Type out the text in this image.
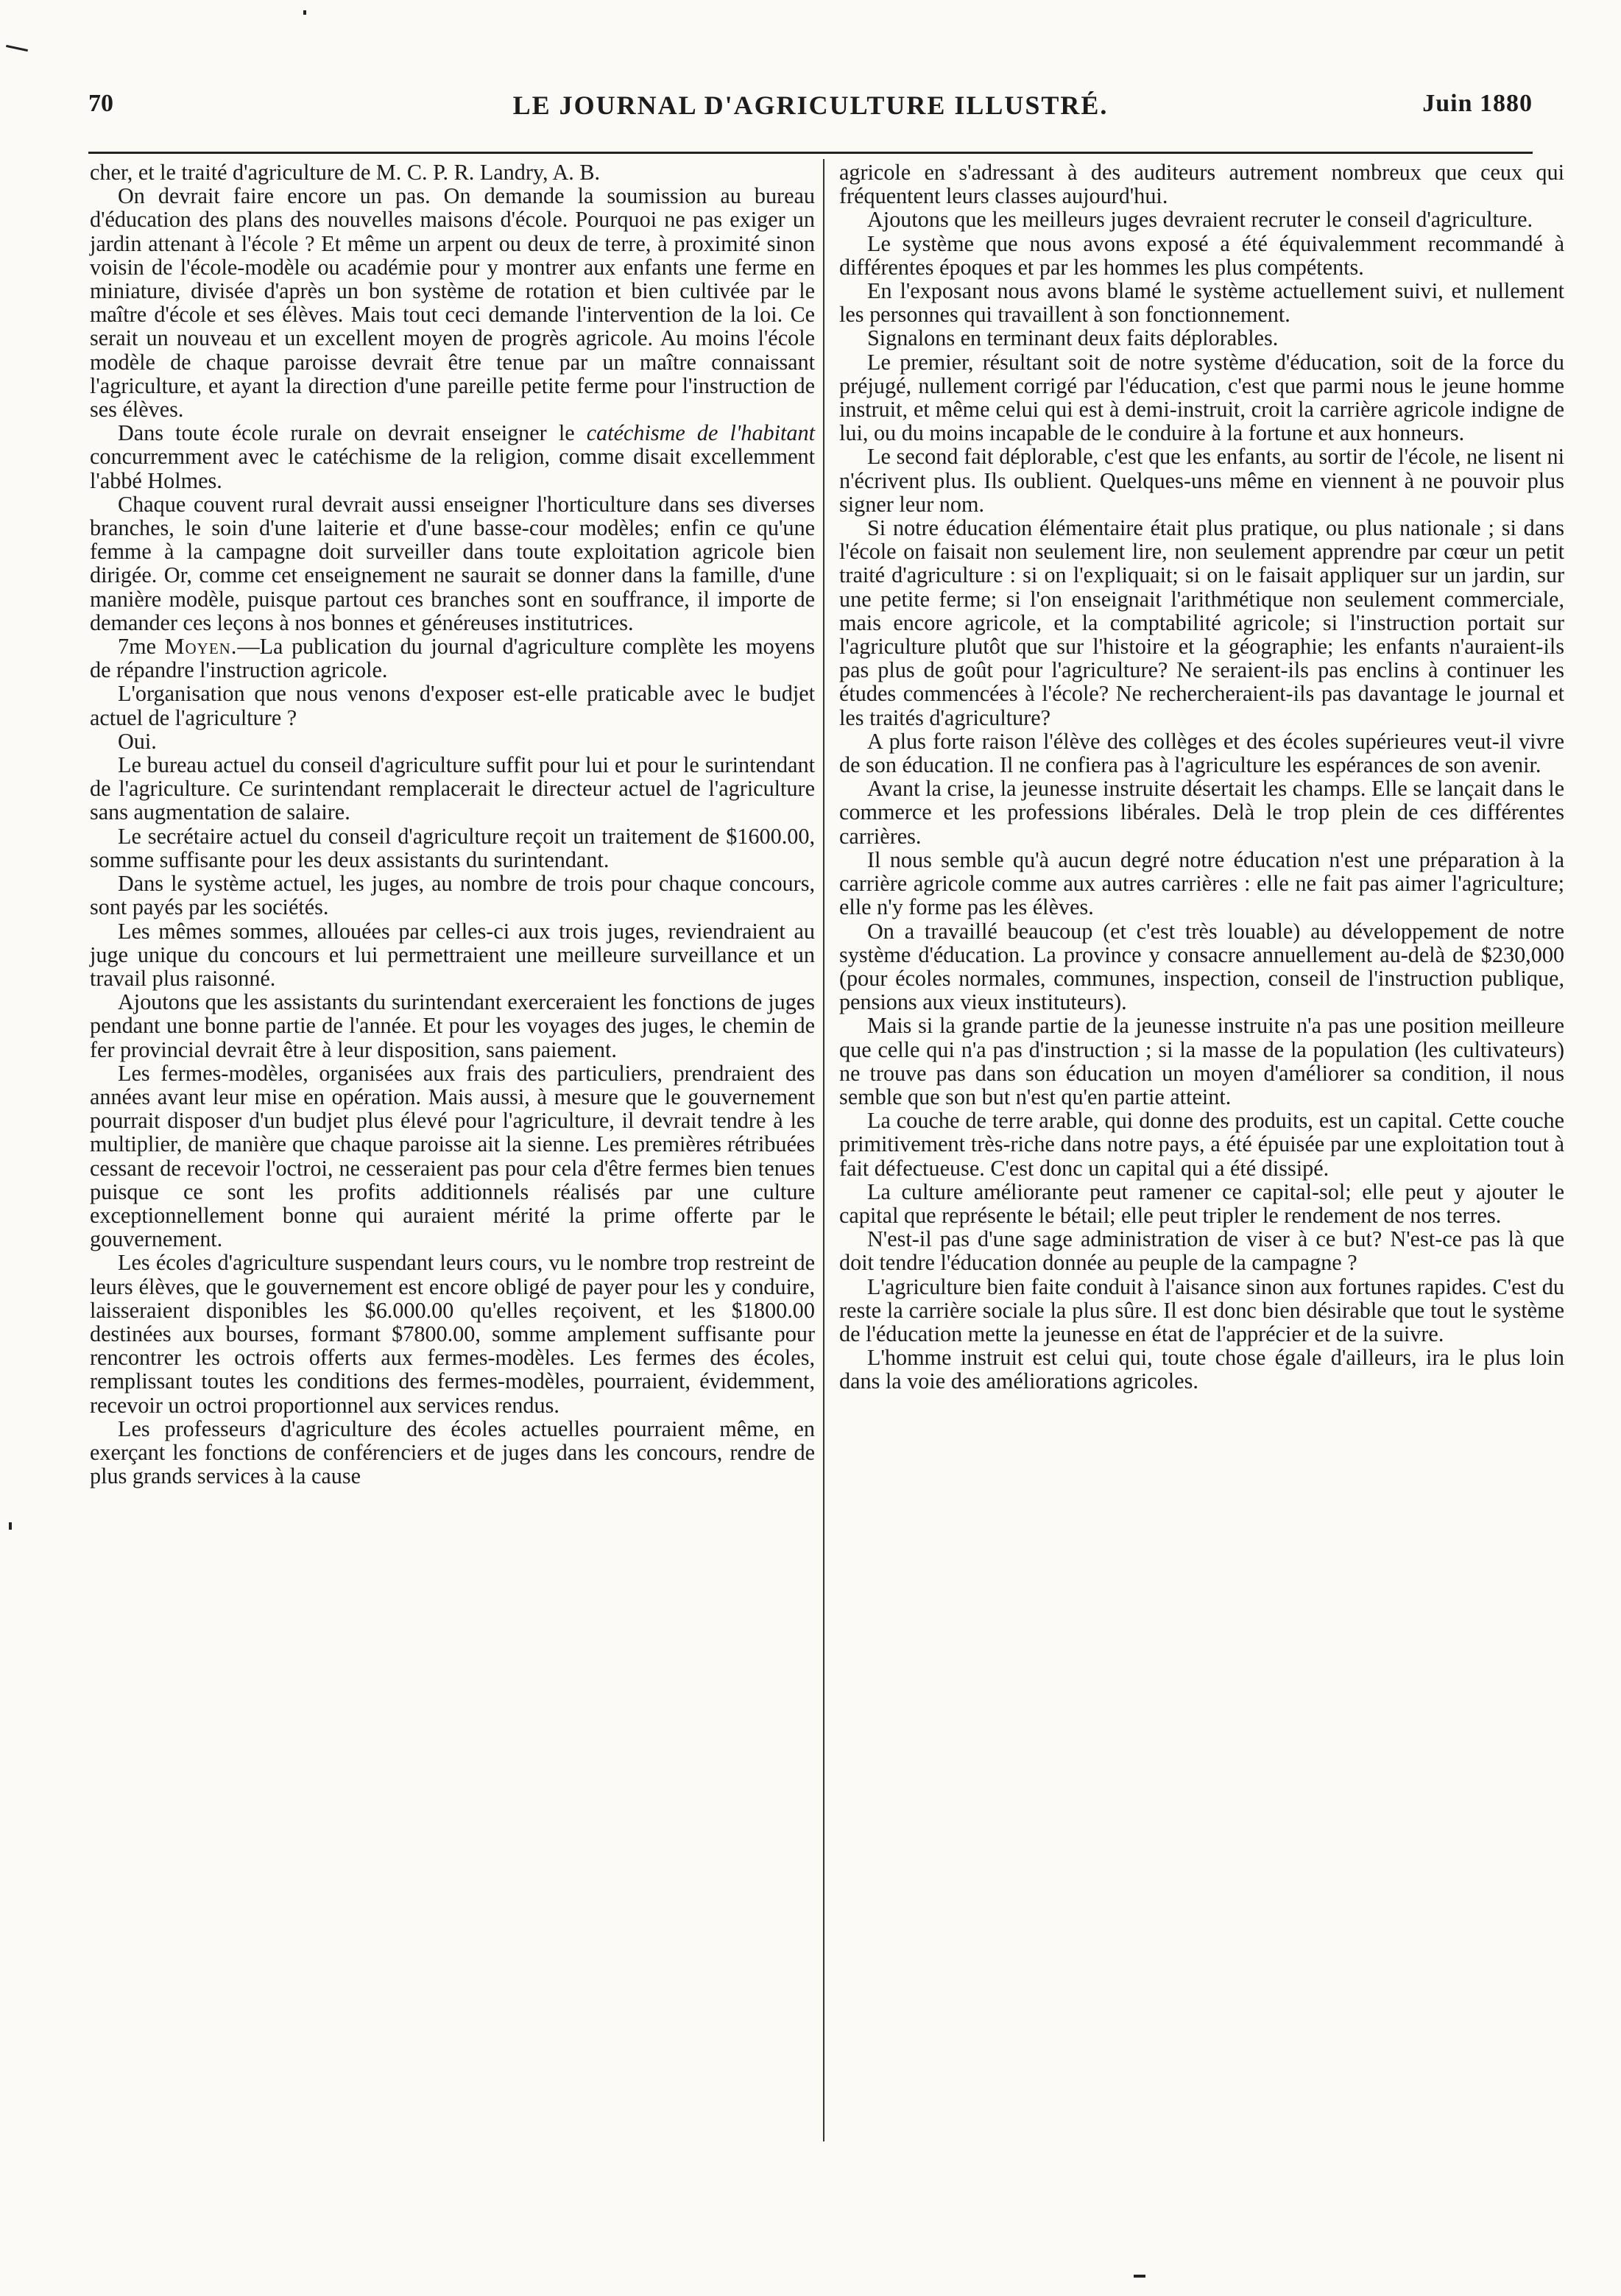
70	LE JOURNAL D'AGRICULTURE ILLUSTRÉ.	Juin 1880

cher, et le traité d'agriculture de M. C. P. R. Landry, A. B.

On devrait faire encore un pas. On demande la soumission au bureau d'éducation des plans des nouvelles maisons d'école. Pourquoi ne pas exiger un jardin attenant à l'école ? Et même un arpent ou deux de terre, à proximité sinon voisin de l'école-modèle ou académie pour y montrer aux enfants une ferme en miniature, divisée d'après un bon système de rotation et bien cultivée par le maître d'école et ses élèves. Mais tout ceci demande l'intervention de la loi. Ce serait un nouveau et un excellent moyen de progrès agricole. Au moins l'école modèle de chaque paroisse devrait être tenue par un maître connaissant l'agriculture, et ayant la direction d'une pareille petite ferme pour l'instruction de ses élèves.

Dans toute école rurale on devrait enseigner le catéchisme de l'habitant concurremment avec le catéchisme de la religion, comme disait excellemment l'abbé Holmes.

Chaque couvent rural devrait aussi enseigner l'horticulture dans ses diverses branches, le soin d'une laiterie et d'une basse-cour modèles; enfin ce qu'une femme à la campagne doit surveiller dans toute exploitation agricole bien dirigée. Or, comme cet enseignement ne saurait se donner dans la famille, d'une manière modèle, puisque partout ces branches sont en souffrance, il importe de demander ces leçons à nos bonnes et généreuses institutrices.

7me Moyen.—La publication du journal d'agriculture complète les moyens de répandre l'instruction agricole.

L'organisation que nous venons d'exposer est-elle praticable avec le budjet actuel de l'agriculture ?

Oui.

Le bureau actuel du conseil d'agriculture suffit pour lui et pour le surintendant de l'agriculture. Ce surintendant remplacerait le directeur actuel de l'agriculture sans augmentation de salaire.

Le secrétaire actuel du conseil d'agriculture reçoit un traitement de $1600.00, somme suffisante pour les deux assistants du surintendant.

Dans le système actuel, les juges, au nombre de trois pour chaque concours, sont payés par les sociétés.

Les mêmes sommes, allouées par celles-ci aux trois juges, reviendraient au juge unique du concours et lui permettraient une meilleure surveillance et un travail plus raisonné.

Ajoutons que les assistants du surintendant exerceraient les fonctions de juges pendant une bonne partie de l'année. Et pour les voyages des juges, le chemin de fer provincial devrait être à leur disposition, sans paiement.

Les fermes-modèles, organisées aux frais des particuliers, prendraient des années avant leur mise en opération. Mais aussi, à mesure que le gouvernement pourrait disposer d'un budjet plus élevé pour l'agriculture, il devrait tendre à les multiplier, de manière que chaque paroisse ait la sienne. Les premières rétribuées cessant de recevoir l'octroi, ne cesseraient pas pour cela d'être fermes bien tenues puisque ce sont les profits additionnels réalisés par une culture exceptionnellement bonne qui auraient mérité la prime offerte par le gouvernement.

Les écoles d'agriculture suspendant leurs cours, vu le nombre trop restreint de leurs élèves, que le gouvernement est encore obligé de payer pour les y conduire, laisseraient disponibles les $6.000.00 qu'elles reçoivent, et les $1800.00 destinées aux bourses, formant $7800.00, somme amplement suffisante pour rencontrer les octrois offerts aux fermes-modèles. Les fermes des écoles, remplissant toutes les conditions des fermes-modèles, pourraient, évidemment, recevoir un octroi proportionnel aux services rendus.

Les professeurs d'agriculture des écoles actuelles pourraient même, en exerçant les fonctions de conférenciers et de juges dans les concours, rendre de plus grands services à la cause

agricole en s'adressant à des auditeurs autrement nombreux que ceux qui fréquentent leurs classes aujourd'hui.

Ajoutons que les meilleurs juges devraient recruter le conseil d'agriculture.

Le système que nous avons exposé a été équivalemment recommandé à différentes époques et par les hommes les plus compétents.

En l'exposant nous avons blamé le système actuellement suivi, et nullement les personnes qui travaillent à son fonctionnement.

Signalons en terminant deux faits déplorables.

Le premier, résultant soit de notre système d'éducation, soit de la force du préjugé, nullement corrigé par l'éducation, c'est que parmi nous le jeune homme instruit, et même celui qui est à demi-instruit, croit la carrière agricole indigne de lui, ou du moins incapable de le conduire à la fortune et aux honneurs.

Le second fait déplorable, c'est que les enfants, au sortir de l'école, ne lisent ni n'écrivent plus. Ils oublient. Quelques-uns même en viennent à ne pouvoir plus signer leur nom.

Si notre éducation élémentaire était plus pratique, ou plus nationale ; si dans l'école on faisait non seulement lire, non seulement apprendre par cœur un petit traité d'agriculture : si on l'expliquait; si on le faisait appliquer sur un jardin, sur une petite ferme; si l'on enseignait l'arithmétique non seulement commerciale, mais encore agricole, et la comptabilité agricole; si l'instruction portait sur l'agriculture plutôt que sur l'histoire et la géographie; les enfants n'auraient-ils pas plus de goût pour l'agriculture? Ne seraient-ils pas enclins à continuer les études commencées à l'école? Ne rechercheraient-ils pas davantage le journal et les traités d'agriculture?

A plus forte raison l'élève des collèges et des écoles supérieures veut-il vivre de son éducation. Il ne confiera pas à l'agriculture les espérances de son avenir.

Avant la crise, la jeunesse instruite désertait les champs. Elle se lançait dans le commerce et les professions libérales. Delà le trop plein de ces différentes carrières.

Il nous semble qu'à aucun degré notre éducation n'est une préparation à la carrière agricole comme aux autres carrières : elle ne fait pas aimer l'agriculture; elle n'y forme pas les élèves.

On a travaillé beaucoup (et c'est très louable) au développement de notre système d'éducation. La province y consacre annuellement au-delà de $230,000 (pour écoles normales, communes, inspection, conseil de l'instruction publique, pensions aux vieux instituteurs).

Mais si la grande partie de la jeunesse instruite n'a pas une position meilleure que celle qui n'a pas d'instruction ; si la masse de la population (les cultivateurs) ne trouve pas dans son éducation un moyen d'améliorer sa condition, il nous semble que son but n'est qu'en partie atteint.

La couche de terre arable, qui donne des produits, est un capital. Cette couche primitivement très-riche dans notre pays, a été épuisée par une exploitation tout à fait défectueuse. C'est donc un capital qui a été dissipé.

La culture améliorante peut ramener ce capital-sol; elle peut y ajouter le capital que représente le bétail; elle peut tripler le rendement de nos terres.

N'est-il pas d'une sage administration de viser à ce but? N'est-ce pas là que doit tendre l'éducation donnée au peuple de la campagne ?

L'agriculture bien faite conduit à l'aisance sinon aux fortunes rapides. C'est du reste la carrière sociale la plus sûre. Il est donc bien désirable que tout le système de l'éducation mette la jeunesse en état de l'apprécier et de la suivre.

L'homme instruit est celui qui, toute chose égale d'ailleurs, ira le plus loin dans la voie des améliorations agricoles.
